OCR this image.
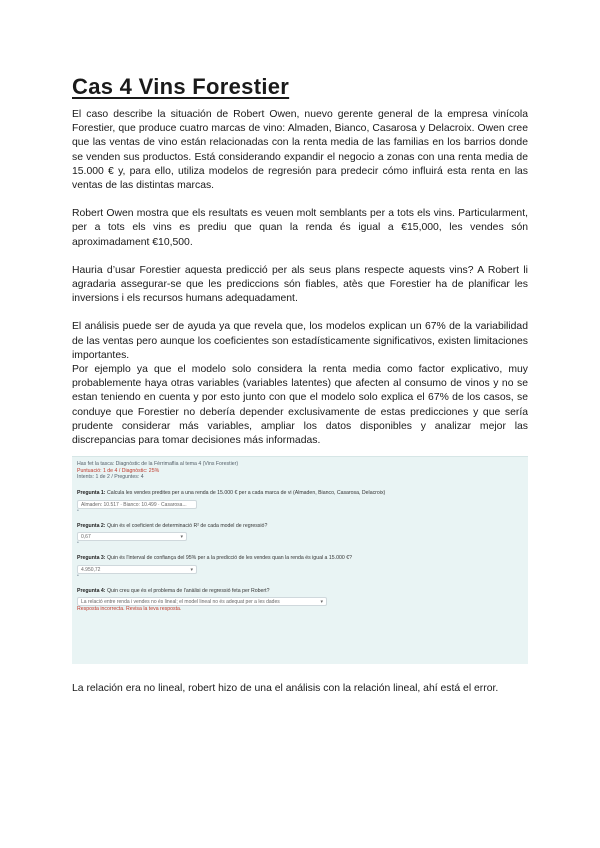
Cas 4 Vins Forestier

El caso describe la situación de Robert Owen, nuevo gerente general de la empresa vinícola Forestier, que produce cuatro marcas de vino: Almaden, Bianco, Casarosa y Delacroix. Owen cree que las ventas de vino están relacionadas con la renta media de las familias en los barrios donde se venden sus productos. Está considerando expandir el negocio a zonas con una renta media de 15.000 € y, para ello, utiliza modelos de regresión para predecir cómo influirá esta renta en las ventas de las distintas marcas.

Robert Owen mostra que els resultats es veuen molt semblants per a tots els vins. Particularment, per a tots els vins es prediu que quan la renda és igual a €15,000, les vendes són aproximadament €10,500.

Hauria d’usar Forestier aquesta predicció per als seus plans respecte aquests vins? A Robert li agradaria assegurar-se que les prediccions són fiables, atès que Forestier ha de planificar les inversions i els recursos humans adequadament.

El análisis puede ser de ayuda ya que revela que, los modelos explican un 67% de la variabilidad de las ventas pero aunque los coeficientes son estadísticamente significativos, existen limitaciones importantes.

Por ejemplo ya que el modelo solo considera la renta media como factor explicativo, muy probablemente haya otras variables (variables latentes) que afecten al consumo de vinos y no se estan teniendo en cuenta y por esto junto con que el modelo solo explica el 67% de los casos, se conduye que Forestier no debería depender exclusivamente de estas predicciones y que sería prudente considerar más variables, ampliar los datos disponibles y analizar mejor las discrepancias para tomar decisiones más informadas.

Has fet la tasca: Diagnòstic de la Fèrrimaflia al tema 4 (Vins Forestier)
Puntuació: 1 de 4 / Diagnòstic: 25%
Intents: 1 de 2 / Preguntes: 4
Pregunta 1: Calcula les vendes predites per a una renda de 15.000 € per a cada marca de vi (Almaden, Bianco, Casarosa, Delacroix)
Almaden: 10.517 · Bianco: 10.499 · Casarosa...
•
Pregunta 2: Quin és el coeficient de determinació R² de cada model de regressió?
0,67	▾
•
Pregunta 3: Quin és l'interval de confiança del 95% per a la predicció de les vendes quan la renda és igual a 15.000 €?
4.950,72	▾
•
Pregunta 4: Quin creu que és el problema de l'anàlisi de regressió feta per Robert?
La relació entre renda i vendes no és lineal; el model lineal no és adequat per a les dades	▾
Resposta incorrecta. Revisa la teva resposta.
La relación era no lineal, robert hizo de una el análisis con la relación lineal, ahí está el error.
